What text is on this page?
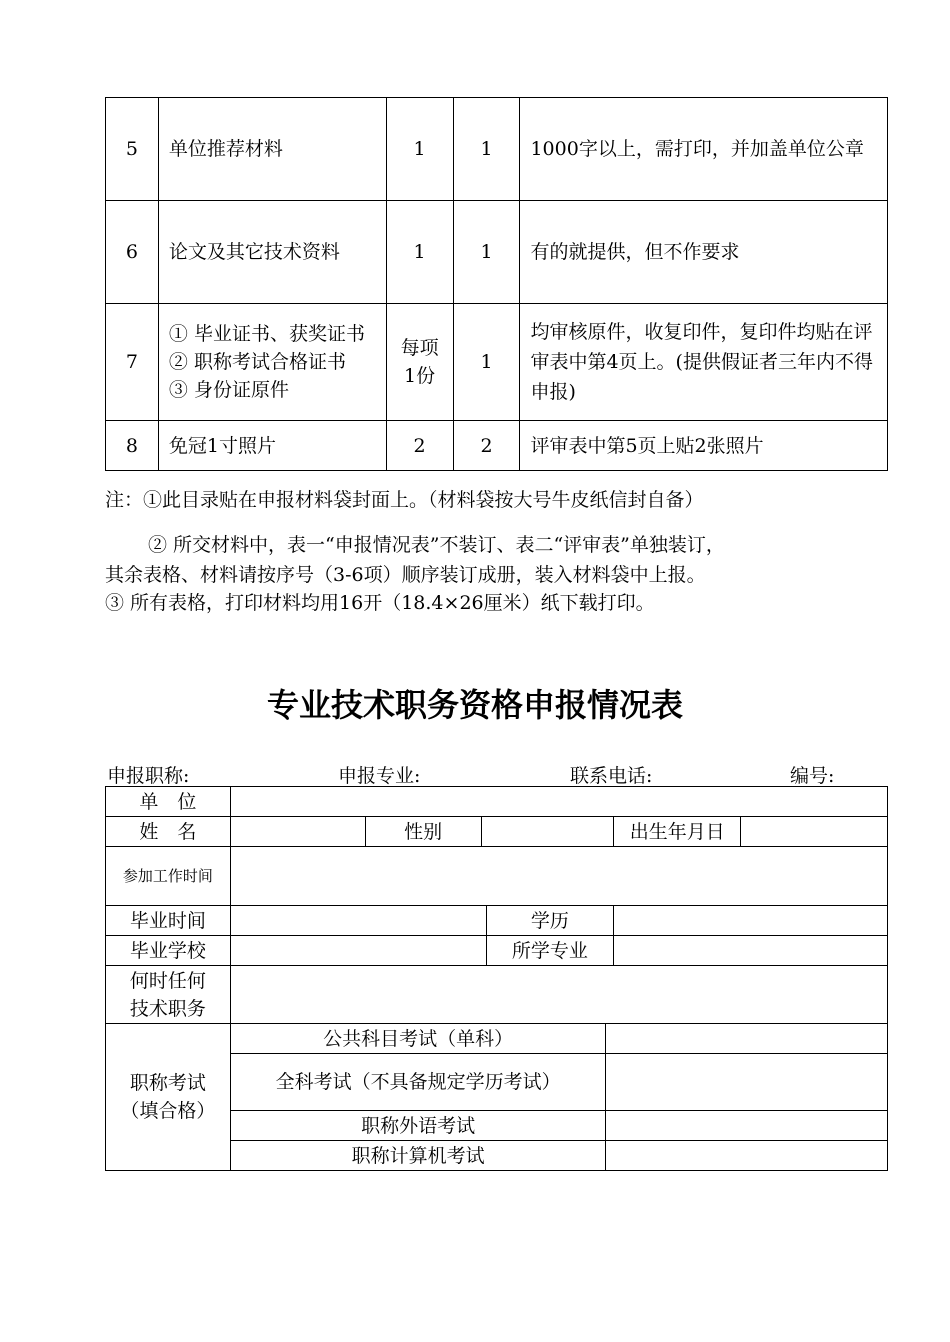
5	单位推荐材料	1	1	1000字以上，需打印，并加盖单位公章
6	论文及其它技术资料	1	1	有的就提供，但不作要求
7	① 毕业证书、获奖证书
② 职称考试合格证书
③ 身份证原件	每项1份	1	均审核原件，收复印件，复印件均贴在评审表中第4页上。(提供假证者三年内不得申报)
8	免冠1寸照片	2	2	评审表中第5页上贴2张照片
注：①此目录贴在申报材料袋封面上。（材料袋按大号牛皮纸信封自备）
② 所交材料中，表一“申报情况表”不装订、表二“评审表”单独装订，
其余表格、材料请按序号（3-6项）顺序装订成册，装入材料袋中上报。
③ 所有表格，打印材料均用16开（18.4×26厘米）纸下载打印。
专业技术职务资格申报情况表
申报职称:	申报专业:	联系电话:	编号:
单　位							
姓　名		性别				出生年月日	
参加工作时间							
毕业时间				学历			
毕业学校				所学专业			

何时任何
技术职务							

职称考试
（填合格）	公共科目考试（单科）						
	全科考试（不具备规定学历考试）						
	职称外语考试						
	职称计算机考试						
